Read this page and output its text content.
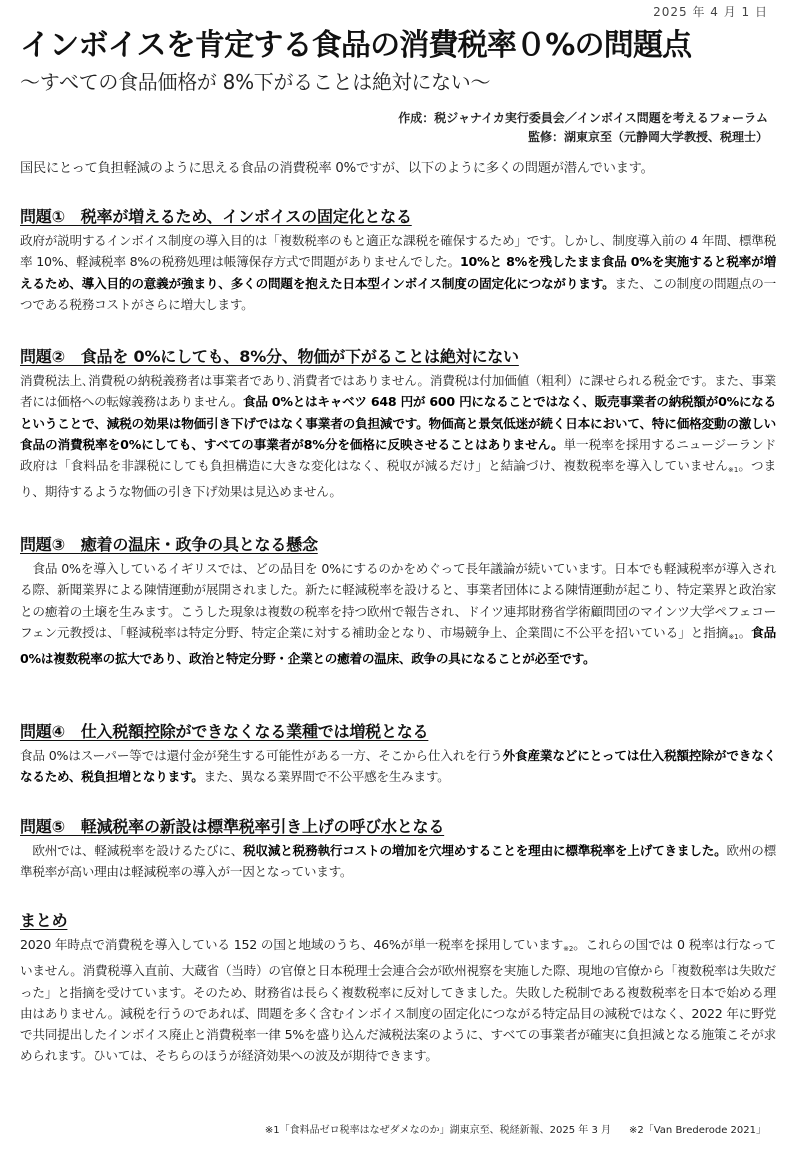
2025 年 4 月 1 日
インボイスを肯定する食品の消費税率０%の問題点
〜すべての食品価格が 8%下がることは絶対にない〜
作成：税ジャナイカ実行委員会／インボイス問題を考えるフォーラム
監修：湖東京至（元静岡大学教授、税理士）
国民にとって負担軽減のように思える食品の消費税率 0%ですが、以下のように多くの問題が潜んでいます。
問題①　税率が増えるため、インボイスの固定化となる

政府が説明するインボイス制度の導入目的は「複数税率のもと適正な課税を確保するため」です。しかし、制度導入前の 4 年間、標準税率 10%、軽減税率 8%の税務処理は帳簿保存方式で問題がありませんでした。10%と 8%を残したまま食品 0%を実施すると税率が増えるため、導入目的の意義が強まり、多くの問題を抱えた日本型インボイス制度の固定化につながります。また、この制度の問題点の一つである税務コストがさらに増大します。

問題②　食品を 0%にしても、8%分、物価が下がることは絶対にない

消費税法上､消費税の納税義務者は事業者であり､消費者ではありません。消費税は付加価値（粗利）に課せられる税金です。また、事業者には価格への転嫁義務はありません。食品 0%とはキャベツ 648 円が 600 円になることではなく、販売事業者の納税額が0%になるということで、減税の効果は物価引き下げではなく事業者の負担減です。物価高と景気低迷が続く日本において、特に価格変動の激しい食品の消費税率を0%にしても、すべての事業者が8%分を価格に反映させることはありません。単一税率を採用するニュージーランド政府は「食料品を非課税にしても負担構造に大きな変化はなく、税収が減るだけ」と結論づけ、複数税率を導入していません$_{※1}$。つまり、期待するような物価の引き下げ効果は見込めません。

問題③　癒着の温床・政争の具となる懸念

　食品 0%を導入しているイギリスでは、どの品目を 0%にするのかをめぐって長年議論が続いています。日本でも軽減税率が導入される際、新聞業界による陳情運動が展開されました。新たに軽減税率を設けると、事業者団体による陳情運動が起こり、特定業界と政治家との癒着の土壌を生みます。こうした現象は複数の税率を持つ欧州で報告され、ドイツ連邦財務省学術顧問団のマインツ大学ペフェコーフェン元教授は、「軽減税率は特定分野、特定企業に対する補助金となり、市場競争上、企業間に不公平を招いている」と指摘$_{※1}$。食品 0%は複数税率の拡大であり、政治と特定分野・企業との癒着の温床、政争の具になることが必至です。

問題④　仕入税額控除ができなくなる業種では増税となる

食品 0%はスーパー等では還付金が発生する可能性がある一方、そこから仕入れを行う外食産業などにとっては仕入税額控除ができなくなるため、税負担増となります。また、異なる業界間で不公平感を生みます。

問題⑤　軽減税率の新設は標準税率引き上げの呼び水となる

　欧州では、軽減税率を設けるたびに、税収減と税務執行コストの増加を穴埋めすることを理由に標準税率を上げてきました。欧州の標準税率が高い理由は軽減税率の導入が一因となっています。

まとめ

2020 年時点で消費税を導入している 152 の国と地域のうち、46%が単一税率を採用しています$_{※2}$。これらの国では 0 税率は行なっていません。消費税導入直前、大蔵省（当時）の官僚と日本税理士会連合会が欧州視察を実施した際、現地の官僚から「複数税率は失敗だった」と指摘を受けています。そのため、財務省は長らく複数税率に反対してきました。失敗した税制である複数税率を日本で始める理由はありません。減税を行うのであれば、問題を多く含むインボイス制度の固定化につながる特定品目の減税ではなく、2022 年に野党で共同提出したインボイス廃止と消費税率一律 5%を盛り込んだ減税法案のように、すべての事業者が確実に負担減となる施策こそが求められます。ひいては、そちらのほうが経済効果への波及が期待できます。

※1「食料品ゼロ税率はなぜダメなのか」湖東京至、税経新報、2025 年 3 月 ※2「Van Brederode 2021」
